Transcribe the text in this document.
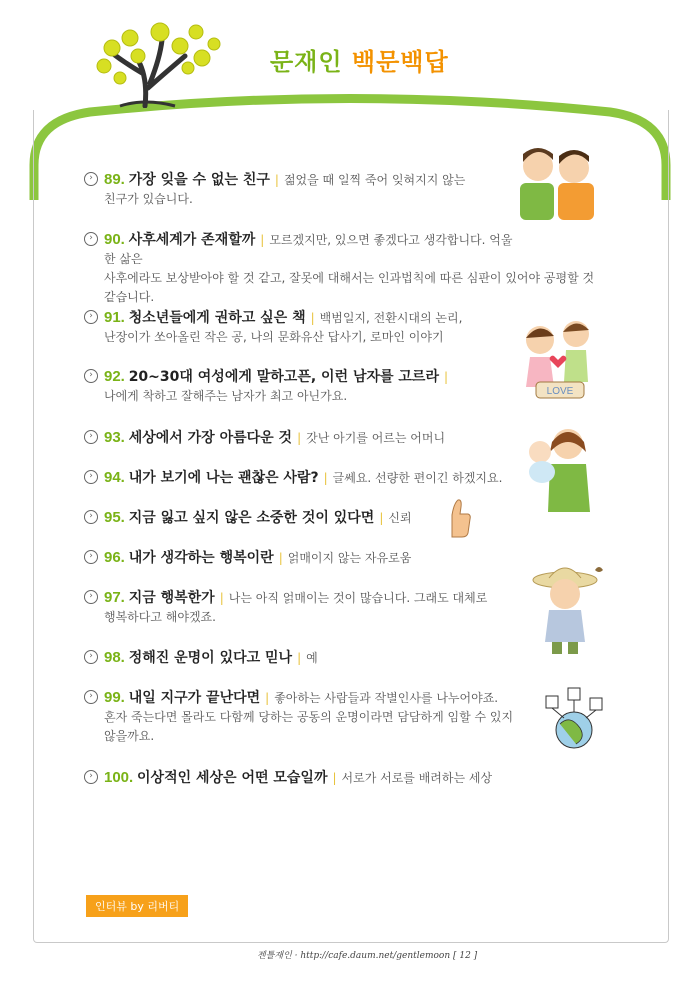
문재인 백문백답
› 89. 가장 잊을 수 없는 친구 | 젊었을 때 일찍 죽어 잊혀지지 않는
친구가 있습니다.
› 90. 사후세계가 존재할까 | 모르겠지만, 있으면 좋겠다고 생각합니다. 억울한 삶은
사후에라도 보상받아야 할 것 같고, 잘못에 대해서는 인과법칙에 따른 심판이 있어야 공평할 것
같습니다.
› 91. 청소년들에게 권하고 싶은 책 | 백범일지, 전환시대의 논리,
난장이가 쏘아올린 작은 공, 나의 문화유산 답사기, 로마인 이야기
› 92. 20~30대 여성에게 말하고픈, 이런 남자를 고르라 |
나에게 착하고 잘해주는 남자가 최고 아닌가요.
› 93. 세상에서 가장 아름다운 것 | 갓난 아기를 어르는 어머니
› 94. 내가 보기에 나는 괜찮은 사람? | 글쎄요. 선량한 편이긴 하겠지요.
› 95. 지금 잃고 싶지 않은 소중한 것이 있다면 | 신뢰
› 96. 내가 생각하는 행복이란 | 얽매이지 않는 자유로움
› 97. 지금 행복한가 | 나는 아직 얽매이는 것이 많습니다. 그래도 대체로
행복하다고 해야겠죠.
› 98. 정해진 운명이 있다고 믿나 | 예
› 99. 내일 지구가 끝난다면 | 좋아하는 사람들과 작별인사를 나누어야죠.
혼자 죽는다면 몰라도 다함께 당하는 공동의 운명이라면 담담하게 임할 수 있지
않을까요.
› 100. 이상적인 세상은 어떤 모습일까 | 서로가 서로를 배려하는 세상
LOVE
인터뷰 by 리버티
젠틀재인 · http://cafe.daum.net/gentlemoon [ 12 ]
